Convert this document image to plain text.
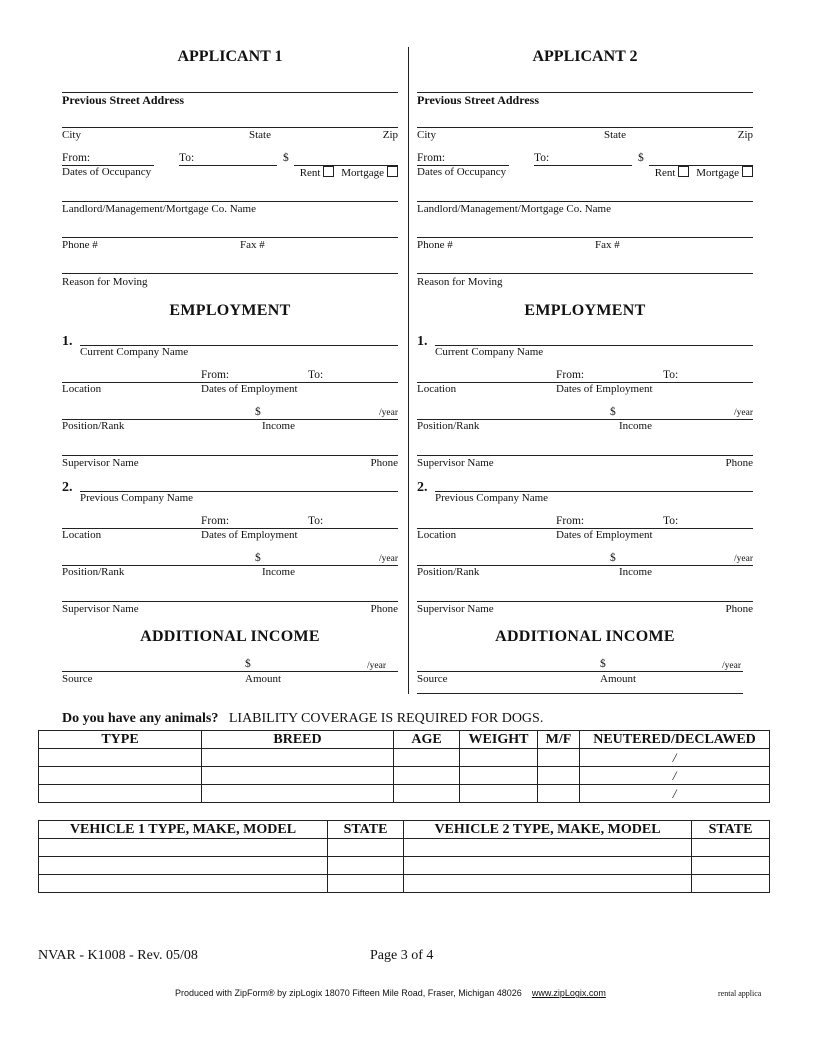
APPLICANT 1
Previous Street Address
City	State	Zip
From:	To:	$
Dates of Occupancy	Rent Mortgage
Landlord/Management/Mortgage Co. Name
Phone #	Fax #
Reason for Moving
EMPLOYMENT
1.
Current Company Name
From:	To:
Location	Dates of Employment
$	/year
Position/Rank	Income
Supervisor Name	Phone
2.
Previous Company Name
From:	To:
Location	Dates of Employment
$	/year
Position/Rank	Income
Supervisor Name	Phone
ADDITIONAL INCOME
$	/year
Source	Amount
APPLICANT 2
Previous Street Address
City	State	Zip
From:	To:	$
Dates of Occupancy	Rent Mortgage
Landlord/Management/Mortgage Co. Name
Phone #	Fax #
Reason for Moving
EMPLOYMENT
1.
Current Company Name
From:	To:
Location	Dates of Employment
$	/year
Position/Rank	Income
Supervisor Name	Phone
2.
Previous Company Name
From:	To:
Location	Dates of Employment
$	/year
Position/Rank	Income
Supervisor Name	Phone
ADDITIONAL INCOME
$	/year
Source	Amount
Do you have any animals? LIABILITY COVERAGE IS REQUIRED FOR DOGS.
TYPE	BREED	AGE	WEIGHT	M/F	NEUTERED/DECLAWED
					/
					/
					/
VEHICLE 1 TYPE, MAKE, MODEL	STATE	VEHICLE 2 TYPE, MAKE, MODEL	STATE

NVAR - K1008 - Rev. 05/08	Page 3 of 4
Produced with ZipForm® by zipLogix 18070 Fifteen Mile Road, Fraser, Michigan 48026 www.zipLogix.com	rental applica
